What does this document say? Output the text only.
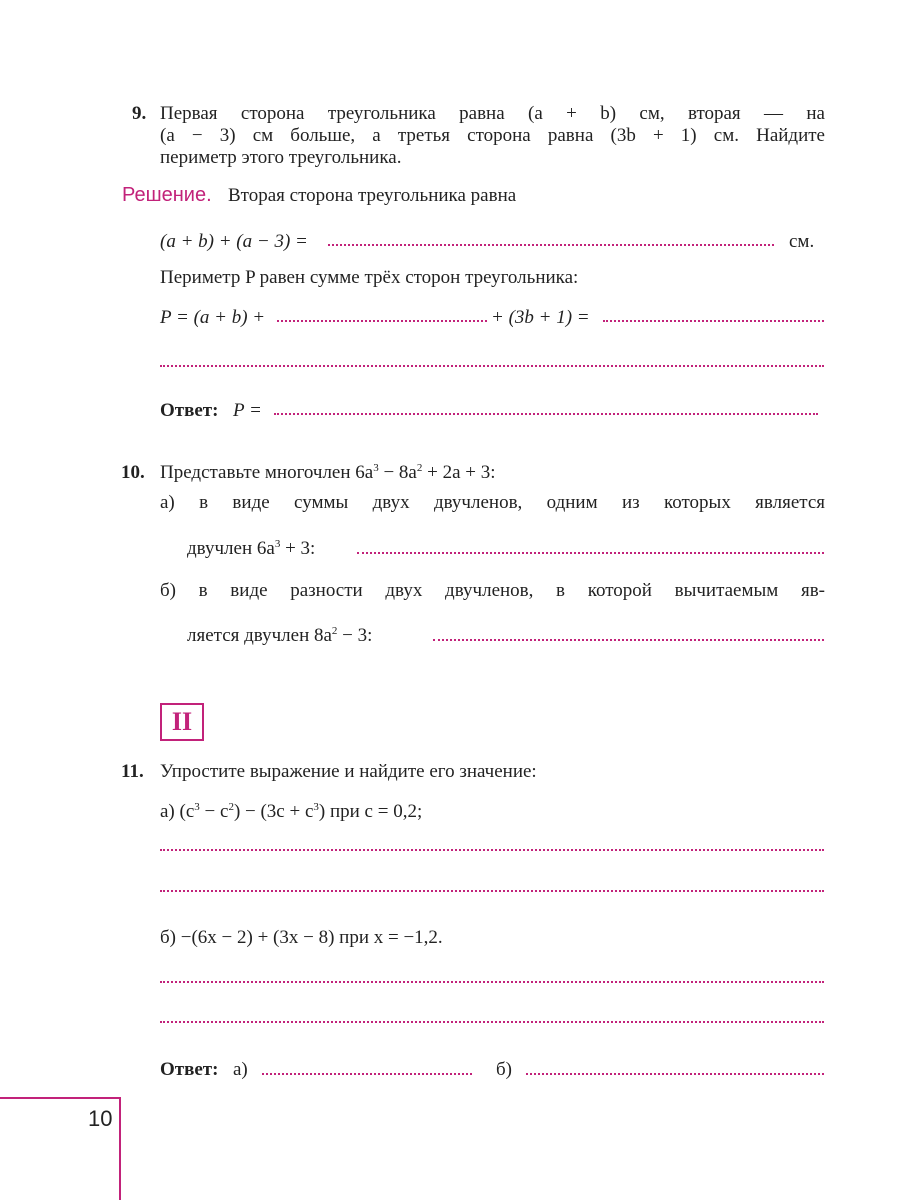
9. Первая сторона треугольника равна (a + b) см, вторая — на
(a − 3) см больше, а третья сторона равна (3b + 1) см. Найдите
периметр этого треугольника.
Решение. Вторая сторона треугольника равна
(a + b) + (a − 3) =	см.
Периметр P равен сумме трёх сторон треугольника:
P = (a + b) +	+ (3b + 1) =
Ответ: P =
10. Представьте многочлен $6a^3 - 8a^2 + 2a + 3$:
а) в виде суммы двух двучленов, одним из которых является
двучлен $6a^3 + 3$:
б) в виде разности двух двучленов, в которой вычитаемым яв-
ляется двучлен $8a^2 - 3$:
II
11. Упростите выражение и найдите его значение:
а) $(c^3 - c^2) - (3c + c^3)$ при c = 0,2;
б) −(6x − 2) + (3x − 8) при x = −1,2.
Ответ: а)	б)
10
